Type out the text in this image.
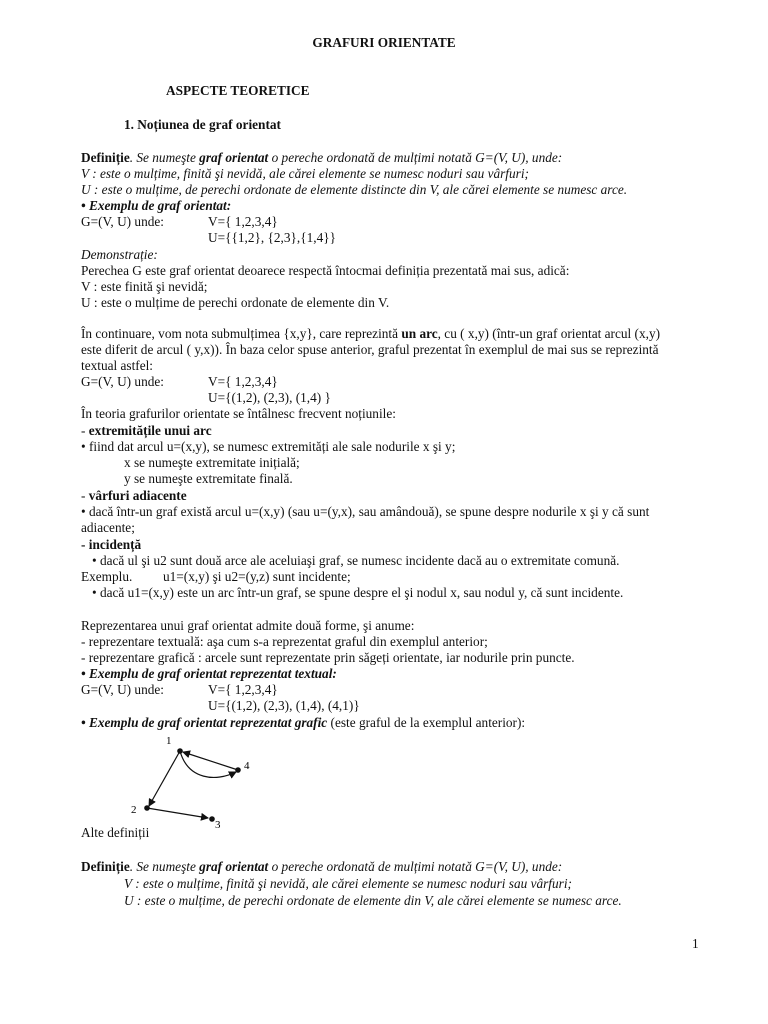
GRAFURI ORIENTATE
ASPECTE TEORETICE
1. Noțiunea de graf orientat
Definiție. Se numeşte graf orientat o pereche ordonată de mulțimi notată G=(V, U), unde:
V : este o mulțime, finită şi nevidă, ale cărei elemente se numesc noduri sau vârfuri;
U : este o mulțime, de perechi ordonate de elemente distincte din V, ale cărei elemente se numesc arce.
• Exemplu de graf orientat:
G=(V, U) unde:	V={ 1,2,3,4}
U={{1,2}, {2,3},{1,4}}
Demonstrație:
Perechea G este graf orientat deoarece respectă întocmai definiția prezentată mai sus, adică:
V : este finită şi nevidă;
U : este o mulțime de perechi ordonate de elemente din V.
În continuare, vom nota submulțimea {x,y}, care reprezintă un arc, cu ( x,y) (într-un graf orientat arcul (x,y)
este diferit de arcul ( y,x)). În baza celor spuse anterior, graful prezentat în exemplul de mai sus se reprezintă
textual astfel:
G=(V, U) unde:	V={ 1,2,3,4}
U={(1,2), (2,3), (1,4) }
În teoria grafurilor orientate se întâlnesc frecvent noțiunile:
- extremitățile unui arc
• fiind dat arcul u=(x,y), se numesc extremități ale sale nodurile x şi y;
x se numeşte extremitate inițială;
y se numeşte extremitate finală.
- vârfuri adiacente
• dacă într-un graf există arcul u=(x,y) (sau u=(y,x), sau amândouă), se spune despre nodurile x şi y că sunt
adiacente;
- incidență
• dacă ul şi u2 sunt două arce ale aceluiaşi graf, se numesc incidente dacă au o extremitate comună.
Exemplu. u1=(x,y) şi u2=(y,z) sunt incidente;
• dacă u1=(x,y) este un arc într-un graf, se spune despre el şi nodul x, sau nodul y, că sunt incidente.
Reprezentarea unui graf orientat admite două forme, şi anume:
- reprezentare textuală: aşa cum s-a reprezentat graful din exemplul anterior;
- reprezentare grafică : arcele sunt reprezentate prin săgeți orientate, iar nodurile prin puncte.
• Exemplu de graf orientat reprezentat textual:
G=(V, U) unde:	V={ 1,2,3,4}
U={(1,2), (2,3), (1,4), (4,1)}
• Exemplu de graf orientat reprezentat grafic (este graful de la exemplul anterior):
1
2
3
4
Alte definiții
Definiție. Se numeşte graf orientat o pereche ordonată de mulțimi notată G=(V, U), unde:
V : este o mulțime, finită şi nevidă, ale cărei elemente se numesc noduri sau vârfuri;
U : este o mulțime, de perechi ordonate de elemente din V, ale cărei elemente se numesc arce.
1
